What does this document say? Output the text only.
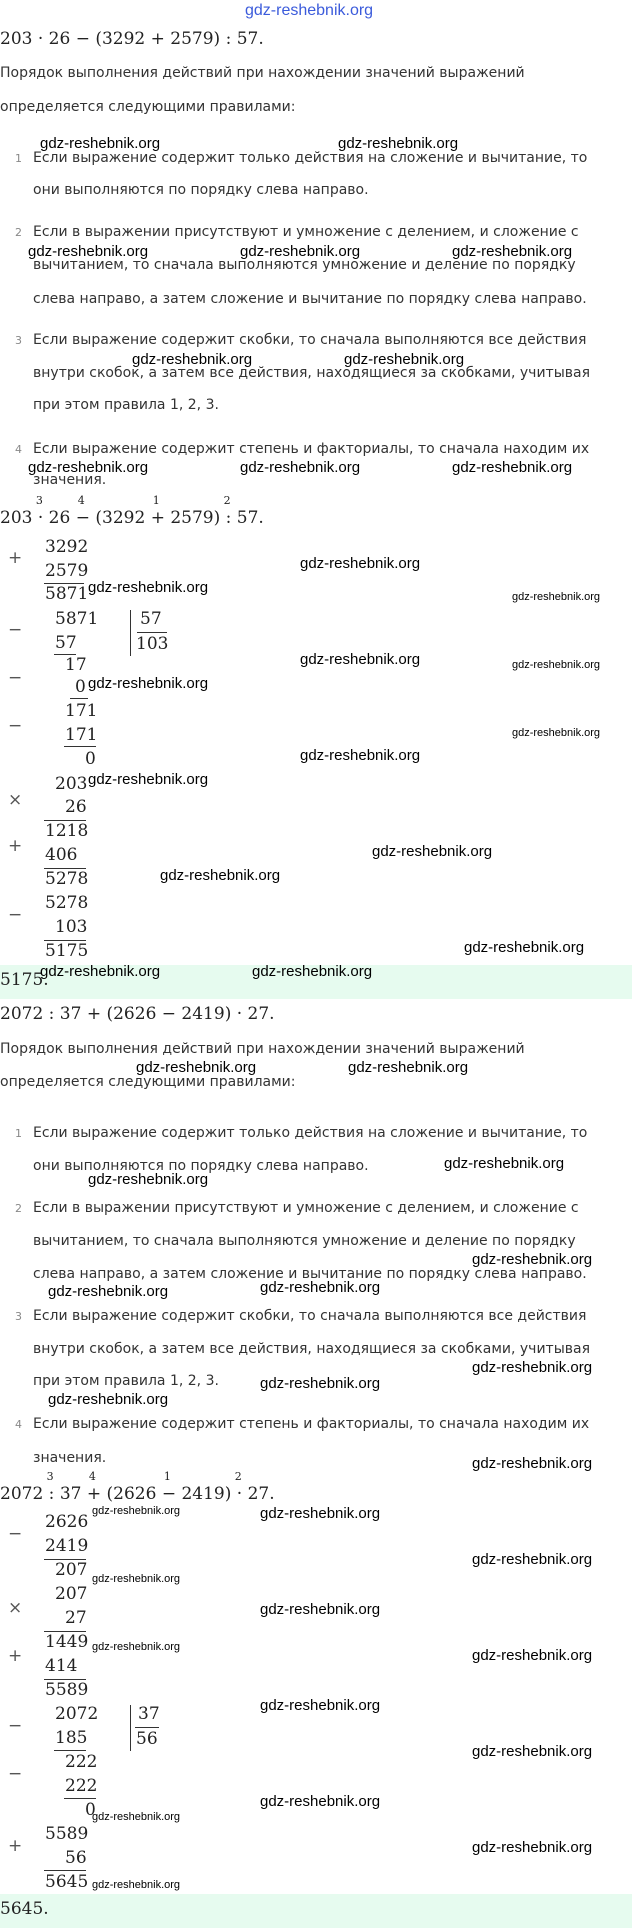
gdz-reshebnik.org
203 · 26 − (3292 + 2579) : 57.
Порядок выполнения действий при нахождении значений выражений
определяется следующими правилами:
1 Если выражение содержит только действия на сложение и вычитание, то
они выполняются по порядку слева направо.
2 Если в выражении присутствуют и умножение с делением, и сложение с
вычитанием, то сначала выполняются умножение и деление по порядку
слева направо, а затем сложение и вычитание по порядку слева направо.
3 Если выражение содержит скобки, то сначала выполняются все действия
внутри скобок, а затем все действия, находящиеся за скобками, учитывая
при этом правила 1, 2, 3.
4 Если выражение содержит степень и факториалы, то сначала находим их
значения.
203
3
· 26
4
− (3292
1
+ 2579)
2
: 57.
+
3292
2579
5871
−
5871 57
103
57
17
−	0
171
−	171
0
×
203
26
1218
+ 406
5278
−
5278
103
5175
5175.
2072 : 37 + (2626 − 2419) · 27.
Порядок выполнения действий при нахождении значений выражений
определяется следующими правилами:
1 Если выражение содержит только действия на сложение и вычитание, то
они выполняются по порядку слева направо.
2 Если в выражении присутствуют и умножение с делением, и сложение с
вычитанием, то сначала выполняются умножение и деление по порядку
слева направо, а затем сложение и вычитание по порядку слева направо.
3 Если выражение содержит скобки, то сначала выполняются все действия
внутри скобок, а затем все действия, находящиеся за скобками, учитывая
при этом правила 1, 2, 3.
4 Если выражение содержит степень и факториалы, то сначала находим их
значения.
2072
3
: 37
4
+ (2626
1
− 2419)
2
· 27.
−
2626
2419
207
×
207
27
1449
+ 414
5589
−
2072 37
56
185
222
−
222
0
+
5589
56
5645
5645.
gdz-reshebnik.org	gdz-reshebnik.org
gdz-reshebnik.org	gdz-reshebnik.org	gdz-reshebnik.org
gdz-reshebnik.org	gdz-reshebnik.org
gdz-reshebnik.org	gdz-reshebnik.org	gdz-reshebnik.org
gdz-reshebnik.org
gdz-reshebnik.org
gdz-reshebnik.org
gdz-reshebnik.org	gdz-reshebnik.org
gdz-reshebnik.org
gdz-reshebnik.org
gdz-reshebnik.org
gdz-reshebnik.org
gdz-reshebnik.org
gdz-reshebnik.org
gdz-reshebnik.org
gdz-reshebnik.org	gdz-reshebnik.org
gdz-reshebnik.org	gdz-reshebnik.org
gdz-reshebnik.org
gdz-reshebnik.org
gdz-reshebnik.org
gdz-reshebnik.org	gdz-reshebnik.org
gdz-reshebnik.org
gdz-reshebnik.org
gdz-reshebnik.org
gdz-reshebnik.org
gdz-reshebnik.org	gdz-reshebnik.org
gdz-reshebnik.org
gdz-reshebnik.org
gdz-reshebnik.org
gdz-reshebnik.org	gdz-reshebnik.org
gdz-reshebnik.org
gdz-reshebnik.org
gdz-reshebnik.org
gdz-reshebnik.org
gdz-reshebnik.org
gdz-reshebnik.org
